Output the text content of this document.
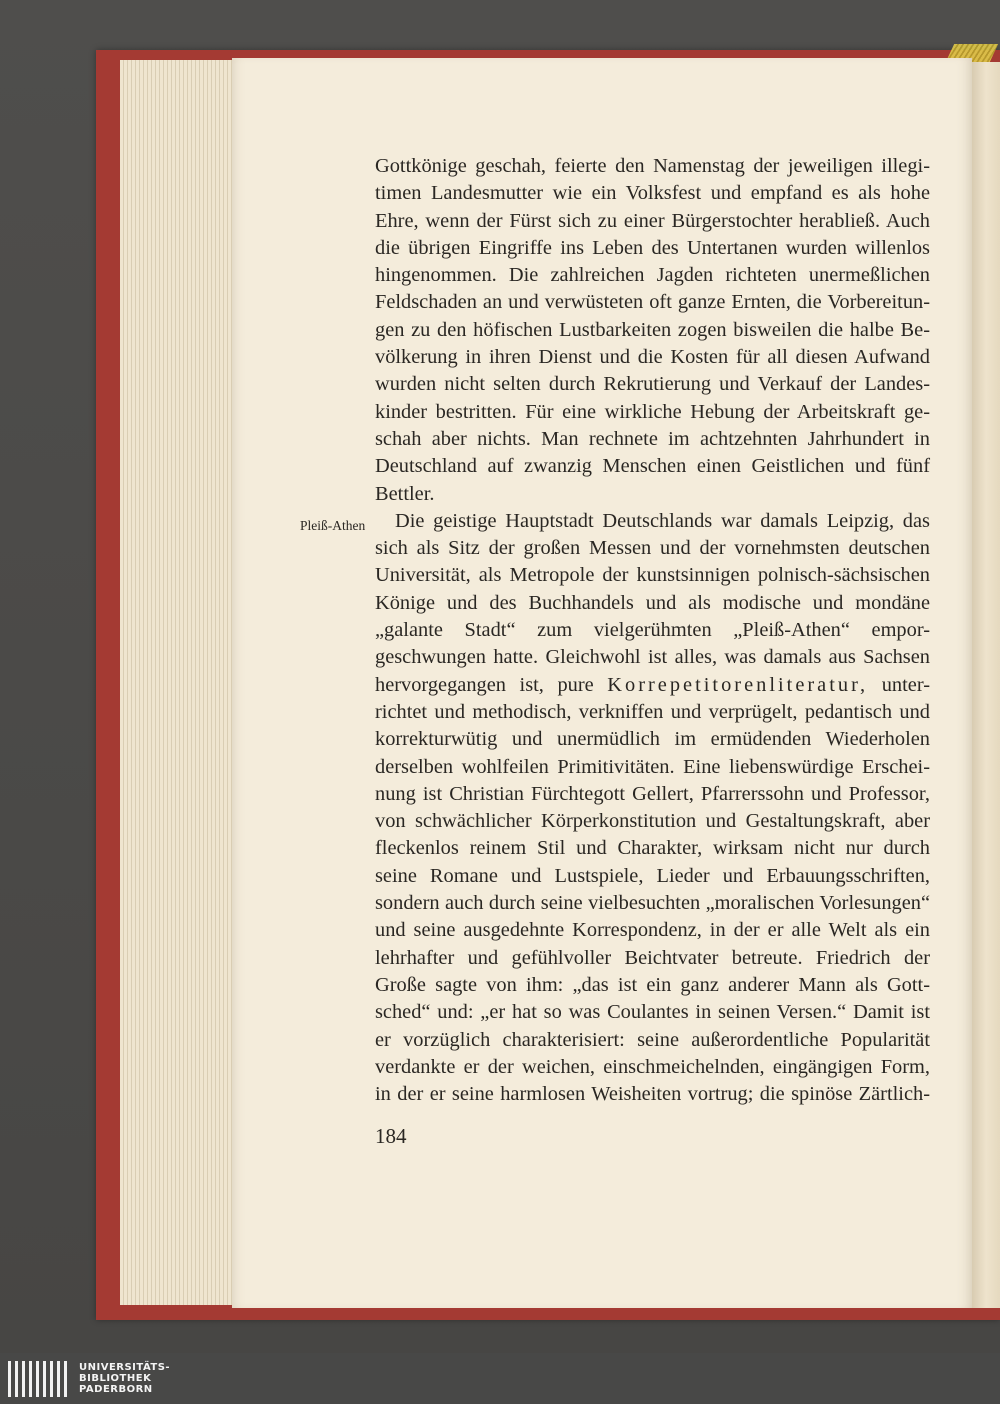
Gottkönige geschah, feierte den Namenstag der jeweiligen illegi-
timen Landesmutter wie ein Volksfest und empfand es als hohe
Ehre, wenn der Fürst sich zu einer Bürgerstochter herabließ. Auch
die übrigen Eingriffe ins Leben des Untertanen wurden willenlos
hingenommen. Die zahlreichen Jagden richteten unermeßlichen
Feldschaden an und verwüsteten oft ganze Ernten, die Vorbereitun-
gen zu den höfischen Lustbarkeiten zogen bisweilen die halbe Be-
völkerung in ihren Dienst und die Kosten für all diesen Aufwand
wurden nicht selten durch Rekrutierung und Verkauf der Landes-
kinder bestritten. Für eine wirkliche Hebung der Arbeitskraft ge-
schah aber nichts. Man rechnete im achtzehnten Jahrhundert in
Deutschland auf zwanzig Menschen einen Geistlichen und fünf
Bettler.
Die geistige Hauptstadt Deutschlands war damals Leipzig, das
sich als Sitz der großen Messen und der vornehmsten deutschen
Universität, als Metropole der kunstsinnigen polnisch-sächsischen
Könige und des Buchhandels und als modische und mondäne
„galante Stadt“ zum vielgerühmten „Pleiß-Athen“ empor-
geschwungen hatte. Gleichwohl ist alles, was damals aus Sachsen
hervorgegangen ist, pure Korrepetitorenliteratur, unter-
richtet und methodisch, verkniffen und verprügelt, pedantisch und
korrekturwütig und unermüdlich im ermüdenden Wiederholen
derselben wohlfeilen Primitivitäten. Eine liebenswürdige Erschei-
nung ist Christian Fürchtegott Gellert, Pfarrerssohn und Professor,
von schwächlicher Körperkonstitution und Gestaltungskraft, aber
fleckenlos reinem Stil und Charakter, wirksam nicht nur durch
seine Romane und Lustspiele, Lieder und Erbauungsschriften,
sondern auch durch seine vielbesuchten „moralischen Vorlesungen“
und seine ausgedehnte Korrespondenz, in der er alle Welt als ein
lehrhafter und gefühlvoller Beichtvater betreute. Friedrich der
Große sagte von ihm: „das ist ein ganz anderer Mann als Gott-
sched“ und: „er hat so was Coulantes in seinen Versen.“ Damit ist
er vorzüglich charakterisiert: seine außerordentliche Popularität
verdankte er der weichen, einschmeichelnden, eingängigen Form,
in der er seine harmlosen Weisheiten vortrug; die spinöse Zärtlich-
Pleiß-Athen
184
UNIVERSITÄTS-
BIBLIOTHEK
PADERBORN
